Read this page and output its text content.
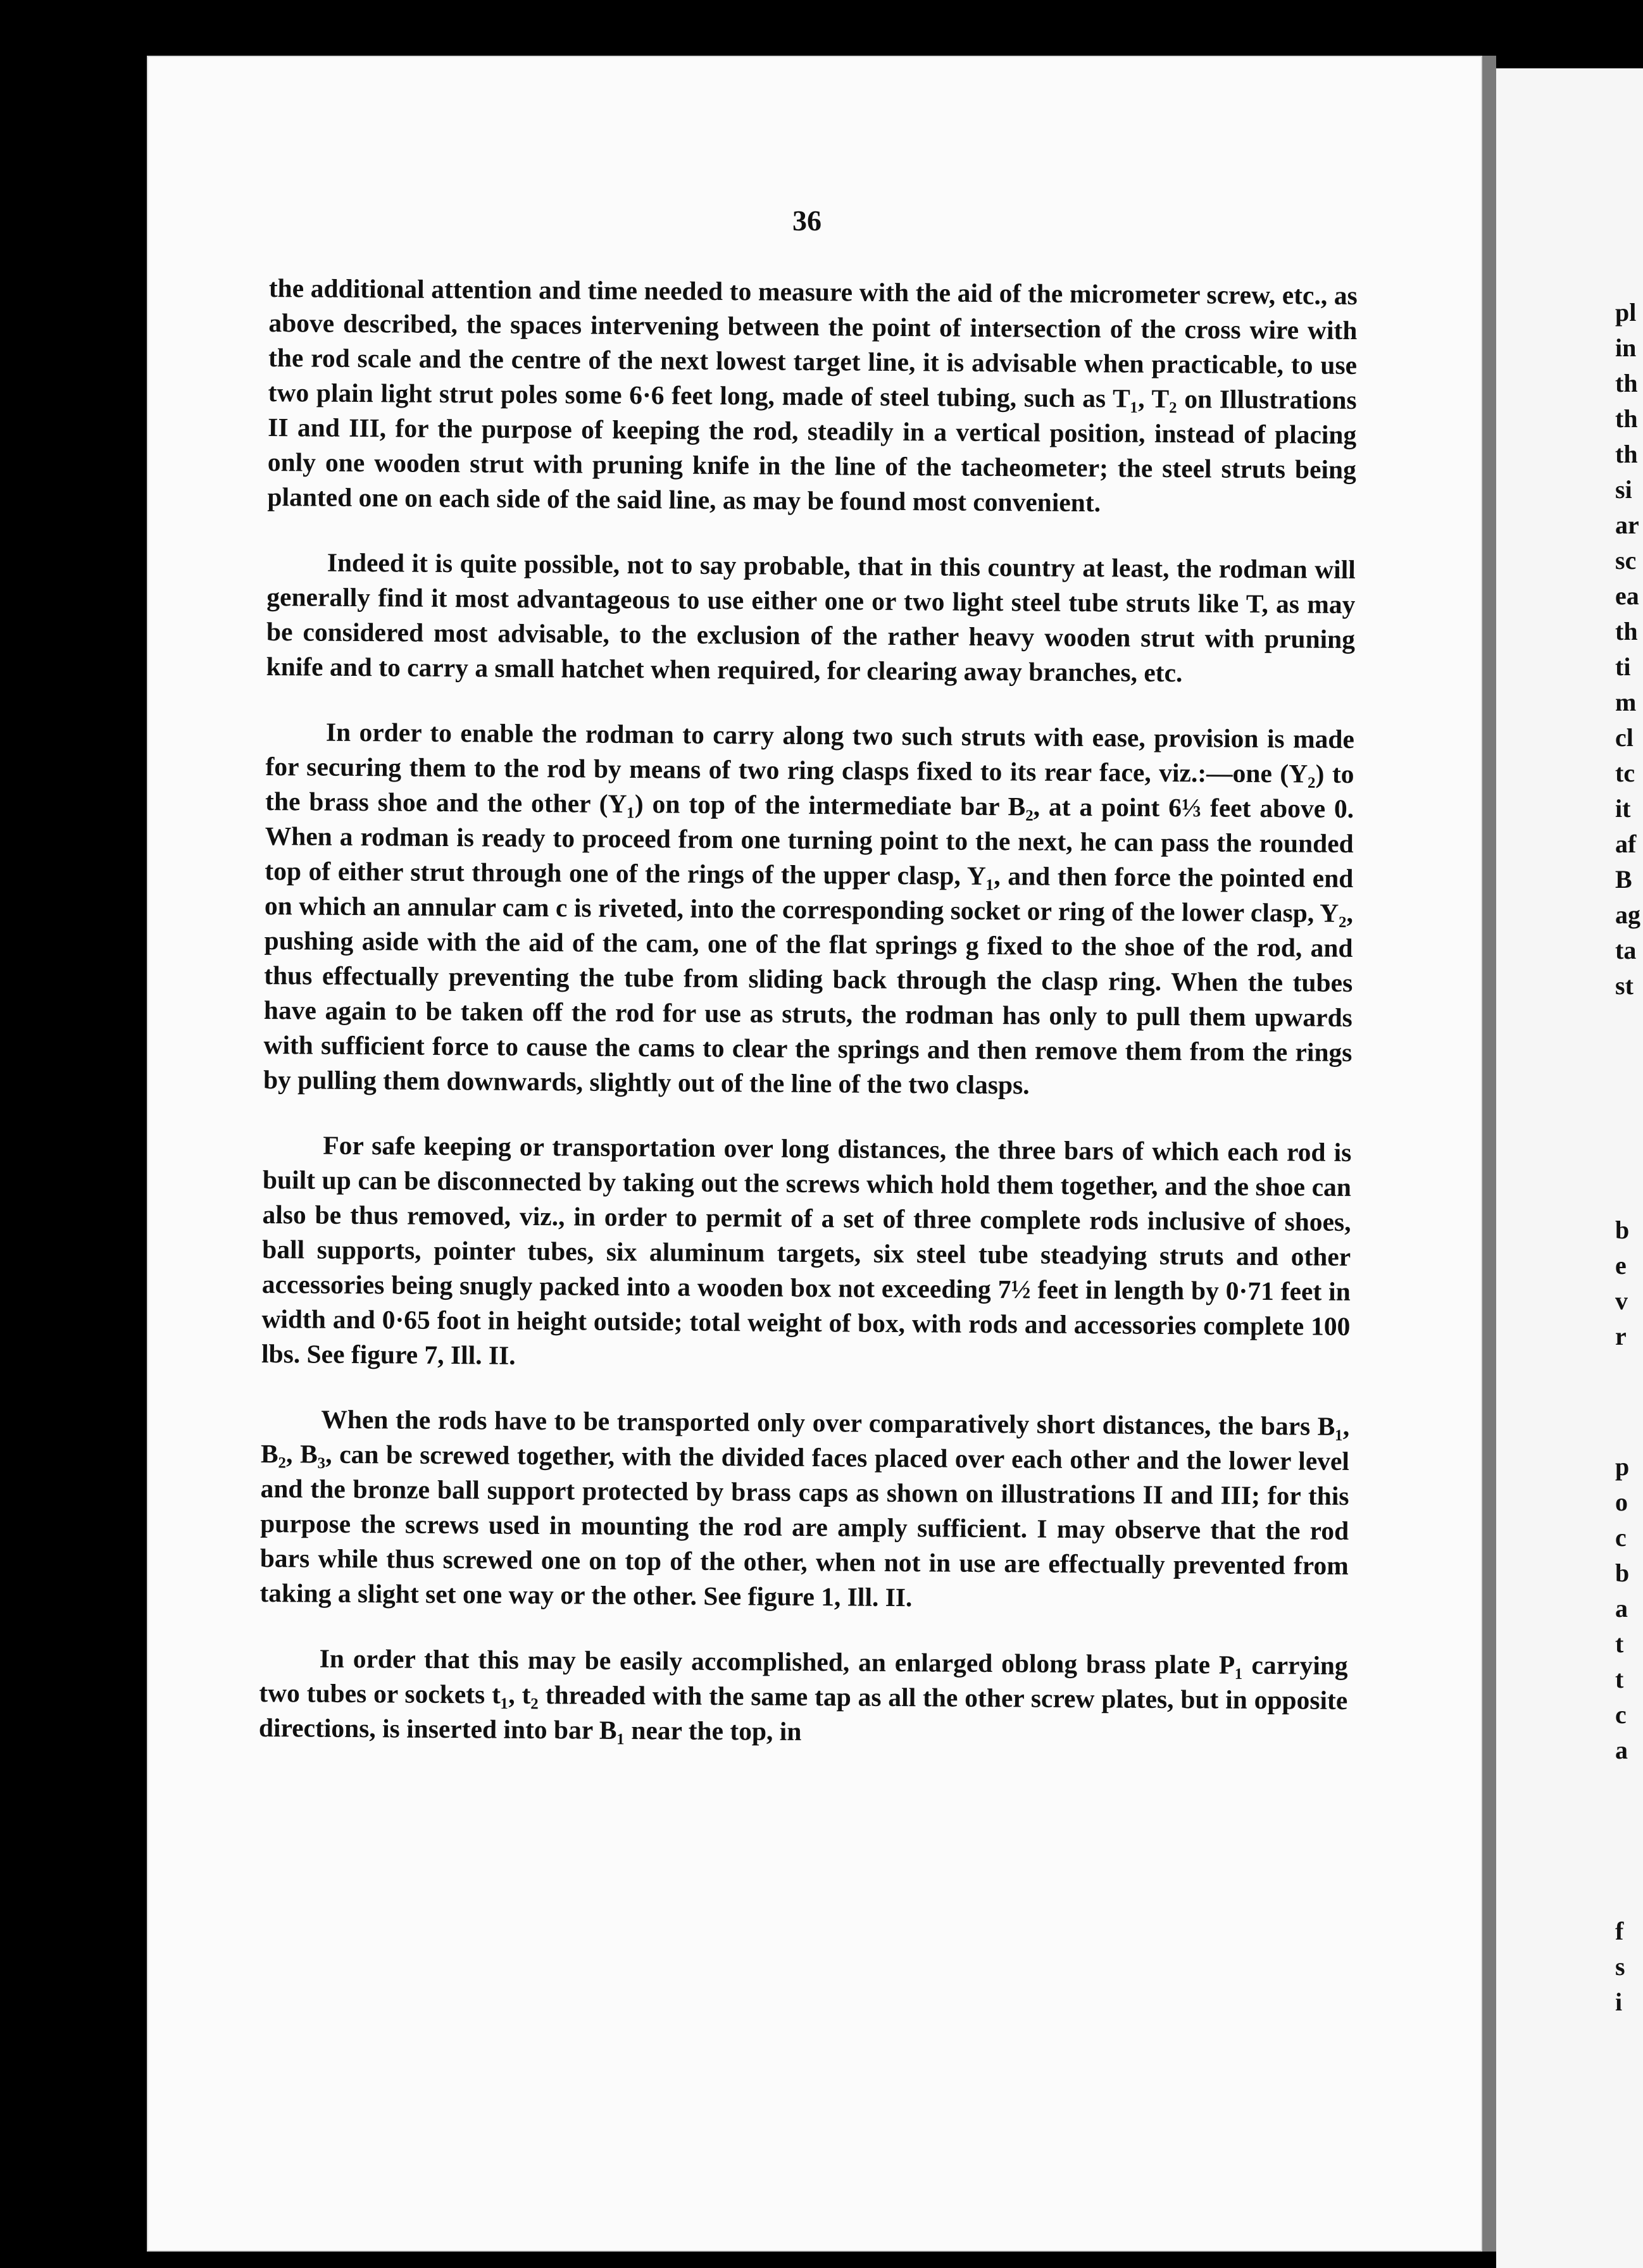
36

the additional attention and time needed to measure with the aid of the micrometer screw, etc., as above described, the spaces intervening between the point of intersection of the cross wire with the rod scale and the centre of the next lowest target line, it is advisable when practicable, to use two plain light strut poles some 6·6 feet long, made of steel tubing, such as T₁, T₂ on Illustrations II and III, for the purpose of keeping the rod, steadily in a vertical position, instead of placing only one wooden strut with pruning knife in the line of the tacheometer; the steel struts being planted one on each side of the said line, as may be found most convenient.

Indeed it is quite possible, not to say probable, that in this country at least, the rodman will generally find it most advantageous to use either one or two light steel tube struts like T, as may be considered most advisable, to the exclusion of the rather heavy wooden strut with pruning knife and to carry a small hatchet when required, for clearing away branches, etc.

In order to enable the rodman to carry along two such struts with ease, provision is made for securing them to the rod by means of two ring clasps fixed to its rear face, viz.:—one (Y₂) to the brass shoe and the other (Y₁) on top of the intermediate bar B₂, at a point 6⅓ feet above 0. When a rodman is ready to proceed from one turning point to the next, he can pass the rounded top of either strut through one of the rings of the upper clasp, Y₁, and then force the pointed end on which an annular cam c is riveted, into the corresponding socket or ring of the lower clasp, Y₂, pushing aside with the aid of the cam, one of the flat springs g fixed to the shoe of the rod, and thus effectually preventing the tube from sliding back through the clasp ring. When the tubes have again to be taken off the rod for use as struts, the rodman has only to pull them upwards with sufficient force to cause the cams to clear the springs and then remove them from the rings by pulling them downwards, slightly out of the line of the two clasps.

For safe keeping or transportation over long distances, the three bars of which each rod is built up can be disconnected by taking out the screws which hold them together, and the shoe can also be thus removed, viz., in order to permit of a set of three complete rods inclusive of shoes, ball supports, pointer tubes, six aluminum targets, six steel tube steadying struts and other accessories being snugly packed into a wooden box not exceeding 7½ feet in length by 0·71 feet in width and 0·65 foot in height outside; total weight of box, with rods and accessories complete 100 lbs. See figure 7, Ill. II.

When the rods have to be transported only over comparatively short distances, the bars B₁, B₂, B₃, can be screwed together, with the divided faces placed over each other and the lower level and the bronze ball support protected by brass caps as shown on illustrations II and III; for this purpose the screws used in mounting the rod are amply sufficient. I may observe that the rod bars while thus screwed one on top of the other, when not in use are effectually prevented from taking a slight set one way or the other. See figure 1, Ill. II.

In order that this may be easily accomplished, an enlarged oblong brass plate P₁ carrying two tubes or sockets t₁, t₂ threaded with the same tap as all the other screw plates, but in opposite directions, is inserted into bar B₁ near the top, in

pl
in
th
th
th
si
ar
sc
ea
th
ti
m
cl
tc
it
af
B
ag
ta
st
b
e
v
r
p
o
c
b
a
t
t
c
a
f
s
i
